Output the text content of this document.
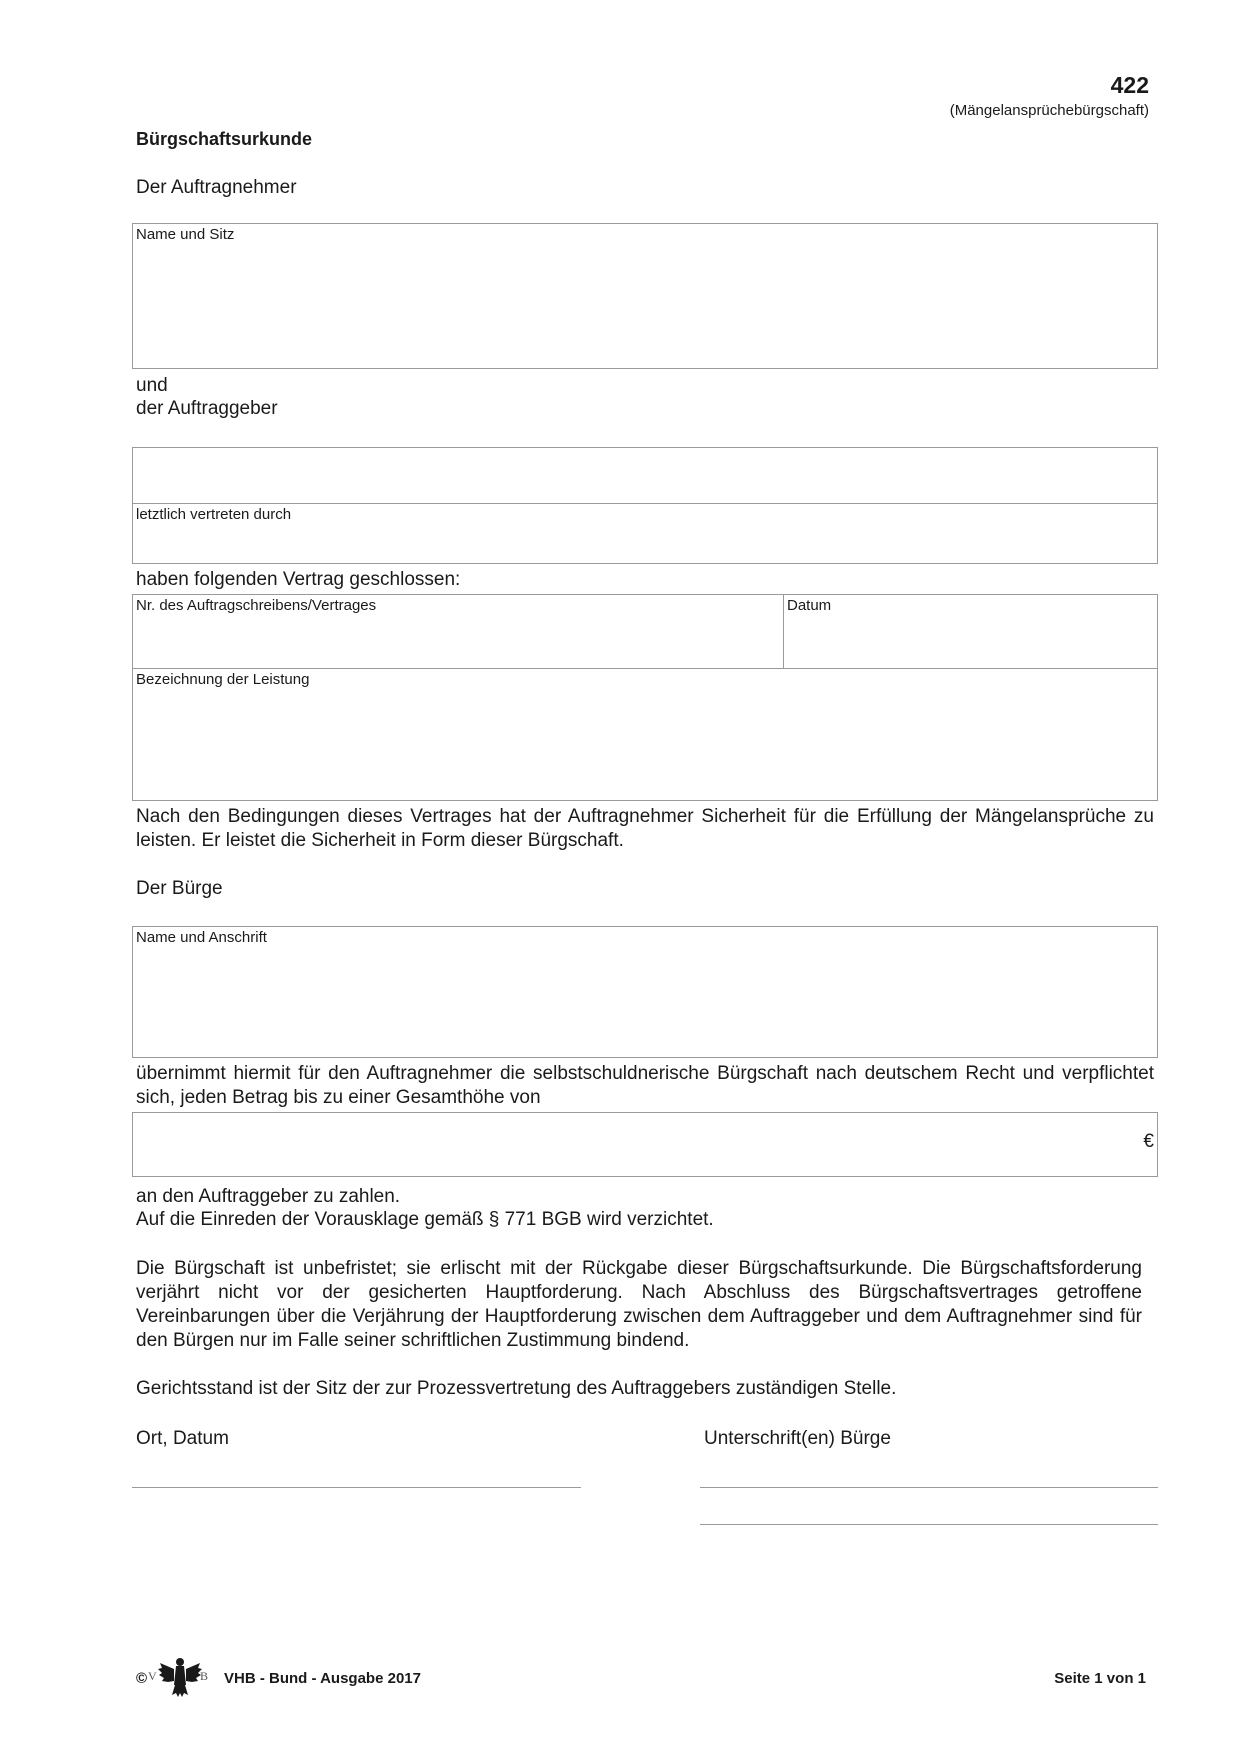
422
(Mängelansprüchebürgschaft)
Bürgschaftsurkunde
Der Auftragnehmer
Name und Sitz
und
der Auftraggeber
letztlich vertreten durch
haben folgenden Vertrag geschlossen:
Nr. des Auftragschreibens/Vertrages	Datum
Bezeichnung der Leistung
Nach den Bedingungen dieses Vertrages hat der Auftragnehmer Sicherheit für die Erfüllung der Mängelansprüche zu leisten. Er leistet die Sicherheit in Form dieser Bürgschaft.
Der Bürge
Name und Anschrift
übernimmt hiermit für den Auftragnehmer die selbstschuldnerische Bürgschaft nach deutschem Recht und verpflichtet sich, jeden Betrag bis zu einer Gesamthöhe von
€
an den Auftraggeber zu zahlen.
Auf die Einreden der Vorausklage gemäß § 771 BGB wird verzichtet.
Die Bürgschaft ist unbefristet; sie erlischt mit der Rückgabe dieser Bürgschaftsurkunde. Die Bürgschaftsforderung verjährt nicht vor der gesicherten Hauptforderung. Nach Abschluss des Bürgschaftsvertrages getroffene Vereinbarungen über die Verjährung der Hauptforderung zwischen dem Auftraggeber und dem Auftragnehmer sind für den Bürgen nur im Falle seiner schriftlichen Zustimmung bindend.
Gerichtsstand ist der Sitz der zur Prozessvertretung des Auftraggebers zuständigen Stelle.
Ort, Datum	Unterschrift(en) Bürge
© V	B VHB - Bund - Ausgabe 2017	Seite 1 von 1
